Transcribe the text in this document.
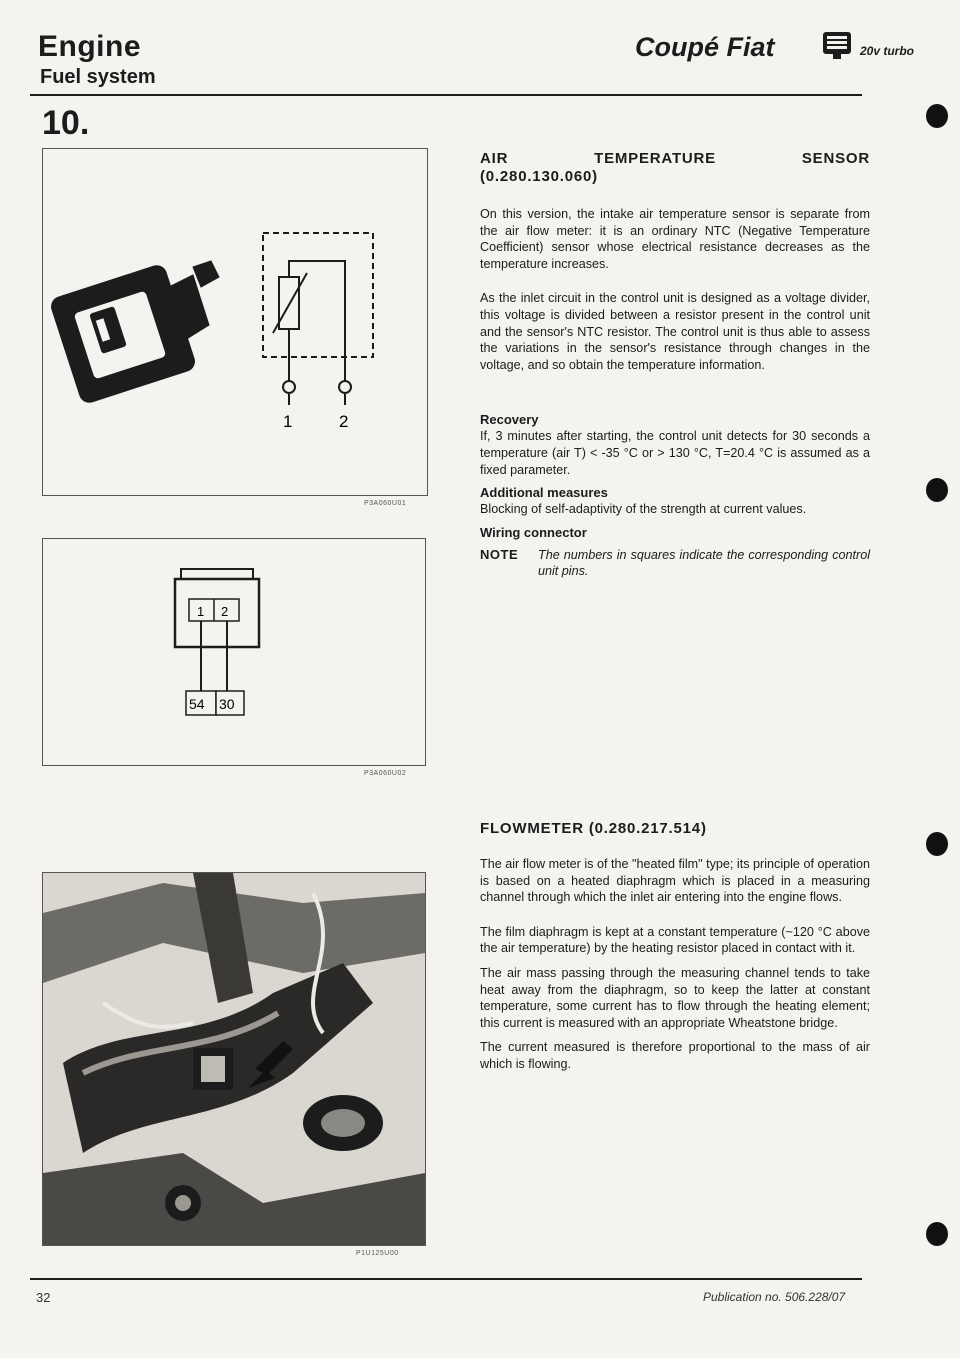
Engine
Fuel system
Coupé Fiat	20v turbo
10.
1	2
P3A060U01
1 2
54 30
P3A060U02
P1U125U00
AIR TEMPERATURE SENSOR
(0.280.130.060)

On this version, the intake air temperature sensor is separate from the air flow meter: it is an ordinary NTC (Negative Temperature Coefficient) sensor whose electrical resistance decreases as the temperature increases.

As the inlet circuit in the control unit is designed as a voltage divider, this voltage is divided between a resistor present in the control unit and the sensor's NTC resistor. The control unit is thus able to assess the variations in the sensor's resistance through changes in the voltage, and so obtain the temperature information.

Recovery

If, 3 minutes after starting, the control unit detects for 30 seconds a temperature (air T) < -35 °C or > 130 °C, T=20.4 °C is assumed as a fixed parameter.

Additional measures

Blocking of self-adaptivity of the strength at current values.

Wiring connector
NOTE	The numbers in squares indicate the corresponding control unit pins.
FLOWMETER (0.280.217.514)

The air flow meter is of the "heated film" type; its principle of operation is based on a heated diaphragm which is placed in a measuring channel through which the inlet air entering into the engine flows.

The film diaphragm is kept at a constant temperature (~120 °C above the air temperature) by the heating resistor placed in contact with it.

The air mass passing through the measuring channel tends to take heat away from the diaphragm, so to keep the latter at constant temperature, some current has to flow through the heating element; this current is measured with an appropriate Wheatstone bridge.

The current measured is therefore proportional to the mass of air which is flowing.

32	Publication no. 506.228/07
